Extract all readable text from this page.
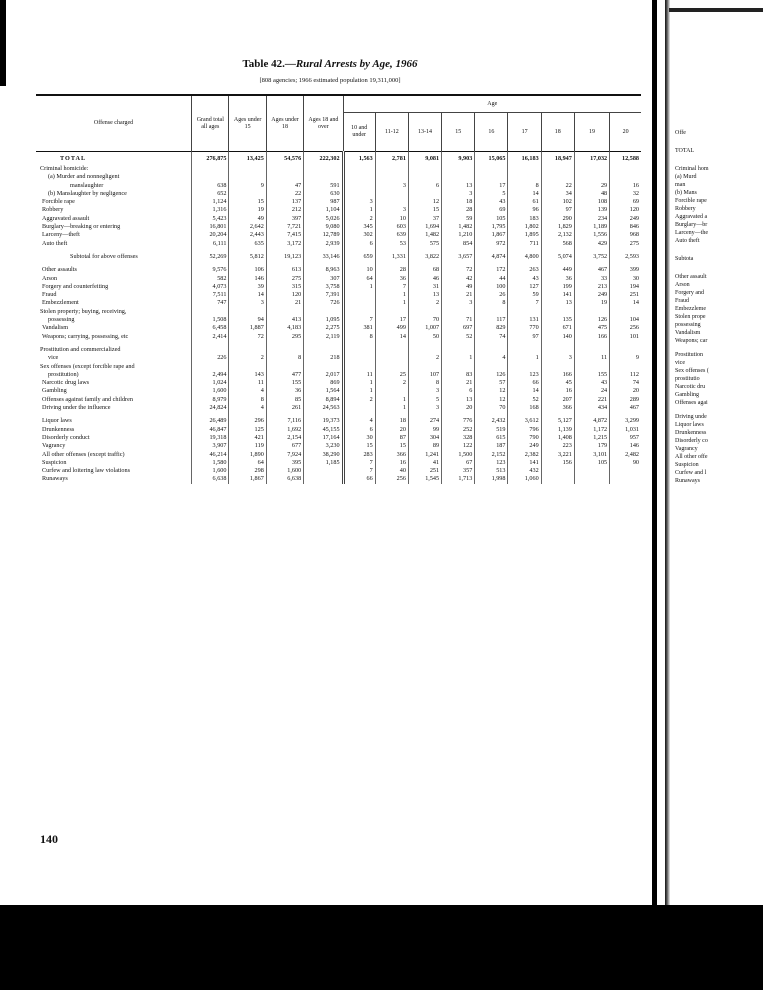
Table 42.—Rural Arrests by Age, 1966
[808 agencies; 1966 estimated population 19,311,000]
Offense charged	Grand total all ages	Ages under 15	Ages under 18	Ages 18 and over	Age								
					10 and under	11-12	13-14	15	16	17	18	19	20
TOTAL	276,875	13,425	54,576	222,302	1,563	2,781	9,081	9,903	15,065	16,183	18,947	17,032	12,588
Criminal homicide:													
(a) Murder and nonnegligent													
manslaughter	638	9	47	591		3	6	13	17	8	22	29	16
(b) Manslaughter by negligence	652		22	630				3	5	14	34	48	32
Forcible rape	1,124	15	137	987	3		12	18	43	61	102	108	69
Robbery	1,316	19	212	1,104	1	3	15	28	69	96	97	139	120
Aggravated assault	5,423	49	397	5,026	2	10	37	59	105	183	290	234	249
Burglary—breaking or entering	16,801	2,642	7,721	9,080	345	603	1,694	1,482	1,795	1,802	1,829	1,189	846
Larceny—theft	20,204	2,443	7,415	12,789	302	639	1,482	1,210	1,867	1,895	2,132	1,556	968
Auto theft	6,111	635	3,172	2,939	6	53	575	854	972	711	568	429	275

Subtotal for above offenses	52,269	5,812	19,123	33,146	659	1,331	3,822	3,657	4,874	4,800	5,074	3,752	2,593

Other assaults	9,576	106	613	8,963	10	28	68	72	172	263	449	467	399
Arson	582	146	275	307	64	36	46	42	44	43	36	33	30
Forgery and counterfeiting	4,073	39	315	3,758	1	7	31	49	100	127	199	213	194
Fraud	7,511	14	120	7,391		1	13	21	26	59	141	249	251
Embezzlement	747	3	21	726		1	2	3	8	7	13	19	14
Stolen property; buying, receiving,													
possessing	1,508	94	413	1,095	7	17	70	71	117	131	135	126	104
Vandalism	6,458	1,887	4,183	2,275	381	499	1,007	697	829	770	671	475	256
Weapons; carrying, possessing, etc	2,414	72	295	2,119	8	14	50	52	74	97	140	166	101

Prostitution and commercialized													
vice	226	2	8	218			2	1	4	1	3	11	9
Sex offenses (except forcible rape and													
prostitution)	2,494	143	477	2,017	11	25	107	83	126	123	166	155	112
Narcotic drug laws	1,024	11	155	869	1	2	8	21	57	66	45	43	74
Gambling	1,600	4	36	1,564	1		3	6	12	14	16	24	20
Offenses against family and children	8,979	8	85	8,894	2	1	5	13	12	52	207	221	289
Driving under the influence	24,824	4	261	24,563		1	3	20	70	168	366	434	467

Liquor laws	26,489	296	7,116	19,373	4	18	274	776	2,432	3,612	5,127	4,872	3,299
Drunkenness	46,847	125	1,692	45,155	6	20	99	252	519	796	1,139	1,172	1,031
Disorderly conduct	19,318	421	2,154	17,164	30	87	304	328	615	790	1,408	1,215	957
Vagrancy	3,907	119	677	3,230	15	15	89	122	187	249	223	179	146
All other offenses (except traffic)	46,214	1,890	7,924	38,290	283	366	1,241	1,500	2,152	2,382	3,221	3,101	2,482
Suspicion	1,580	64	395	1,185	7	16	41	67	123	141	156	105	90
Curfew and loitering law violations	1,600	298	1,600		7	40	251	357	513	432			
Runaways	6,638	1,867	6,638		66	256	1,545	1,713	1,998	1,060			
140
Offe
TOTAL
Criminal hom
(a) Murd
man
(b) Mans
Forcible rape
Robbery
Aggravated a
Burglary—br
Larceny—the
Auto theft
Subtota
Other assault
Arson
Forgery and
Fraud
Embezzleme
Stolen prope
possessing
Vandalism
Weapons; car
Prostitution
vice
Sex offenses (
prostitutio
Narcotic dru
Gambling
Offenses agai
Driving unde
Liquor laws
Drunkenness
Disorderly co
Vagrancy
All other offe
Suspicion
Curfew and l
Runaways
